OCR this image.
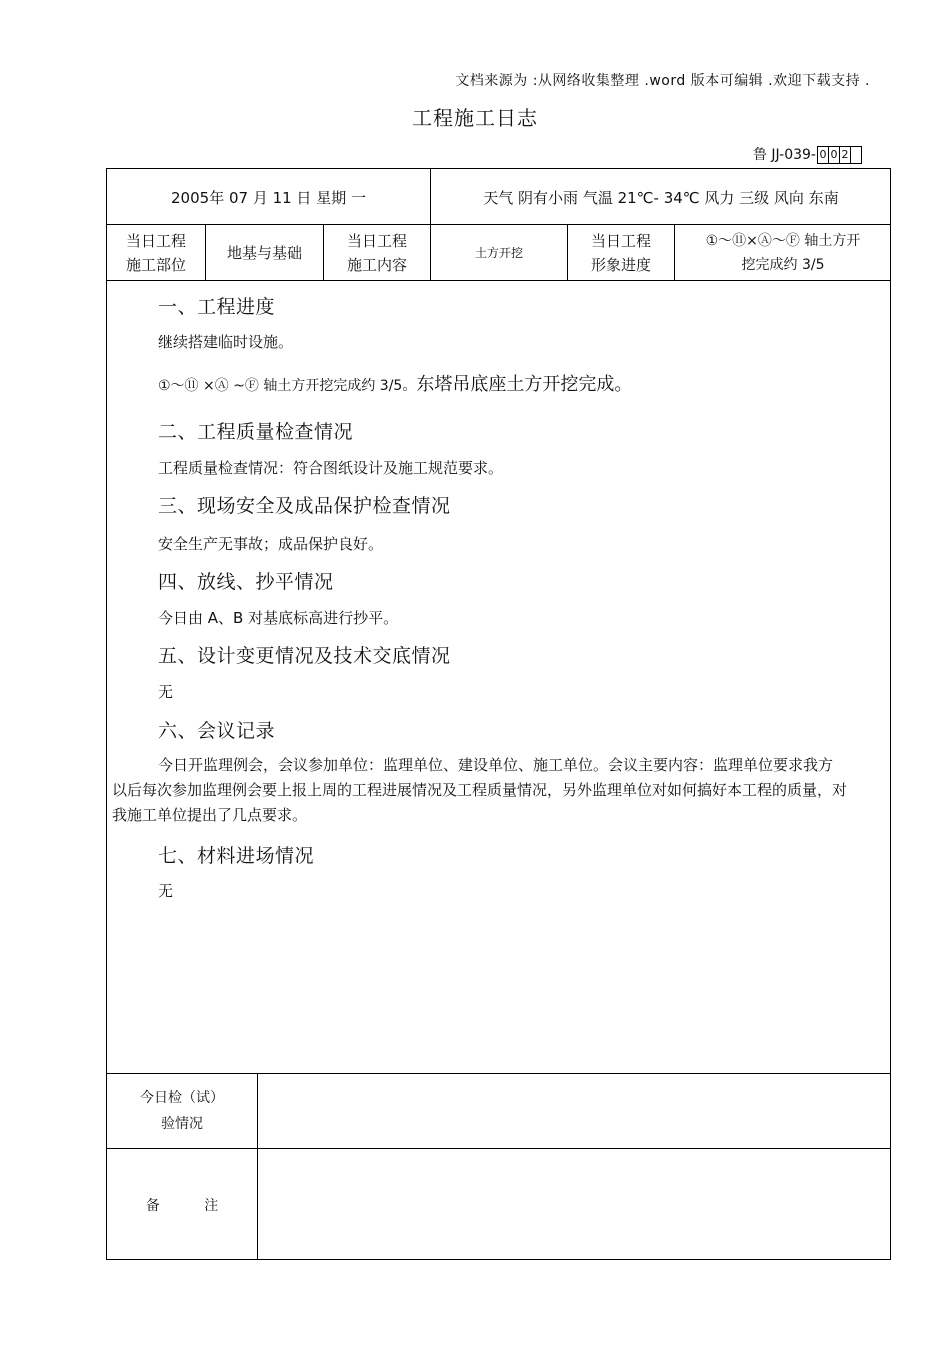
文档来源为 :从网络收集整理 .word 版本可编辑 .欢迎下载支持 .
工程施工日志
鲁 JJ-039- 0 0 2
2005年 07 月 11 日 星期 一	天气 阴有小雨 气温 21℃- 34℃ 风力 三级 风向 东南
当日工程
施工部位
地基与基础
当日工程
施工内容
土方开挖
当日工程
形象进度
①～⑪×Ⓐ～Ⓕ 轴土方开
挖完成约 3/5
今日检（试）
验情况
备          注
一、工程进度
继续搭建临时设施。
①～⑪ ×Ⓐ ~Ⓕ 轴土方开挖完成约 3/5。东塔吊底座土方开挖完成。
二、工程质量检查情况
工程质量检查情况：符合图纸设计及施工规范要求。
三、现场安全及成品保护检查情况
安全生产无事故；成品保护良好。
四、放线、抄平情况
今日由 A、B 对基底标高进行抄平。
五、设计变更情况及技术交底情况
无
六、会议记录
今日开监理例会，会议参加单位：监理单位、建设单位、施工单位。会议主要内容：监理单位要求我方以后每次参加监理例会要上报上周的工程进展情况及工程质量情况，另外监理单位对如何搞好本工程的质量，对我施工单位提出了几点要求。
七、材料进场情况
无
